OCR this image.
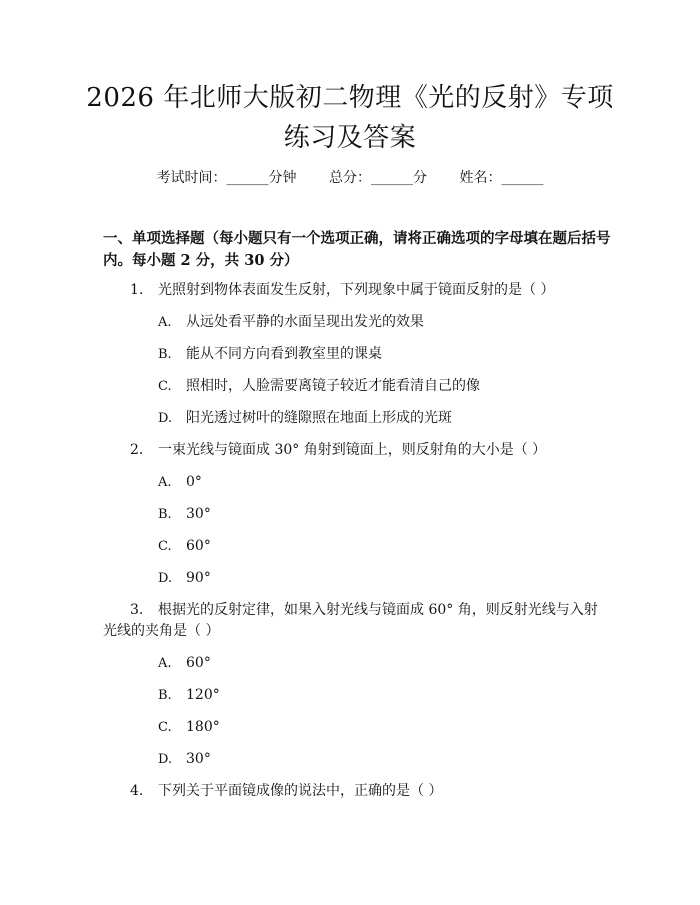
2026 年北师大版初二物理《光的反射》专项
练习及答案
考试时间：______分钟 总分：______分 姓名：______
一、单项选择题（每小题只有一个选项正确，请将正确选项的字母填在题后括号
内。每小题 2 分，共 30 分）
1. 光照射到物体表面发生反射，下列现象中属于镜面反射的是（ ）
A. 从远处看平静的水面呈现出发光的效果
B. 能从不同方向看到教室里的课桌
C. 照相时，人脸需要离镜子较近才能看清自己的像
D. 阳光透过树叶的缝隙照在地面上形成的光斑
2. 一束光线与镜面成 30° 角射到镜面上，则反射角的大小是（ ）
A. 0°
B. 30°
C. 60°
D. 90°
3. 根据光的反射定律，如果入射光线与镜面成 60° 角，则反射光线与入射
光线的夹角是（ ）
A. 60°
B. 120°
C. 180°
D. 30°
4. 下列关于平面镜成像的说法中，正确的是（ ）
